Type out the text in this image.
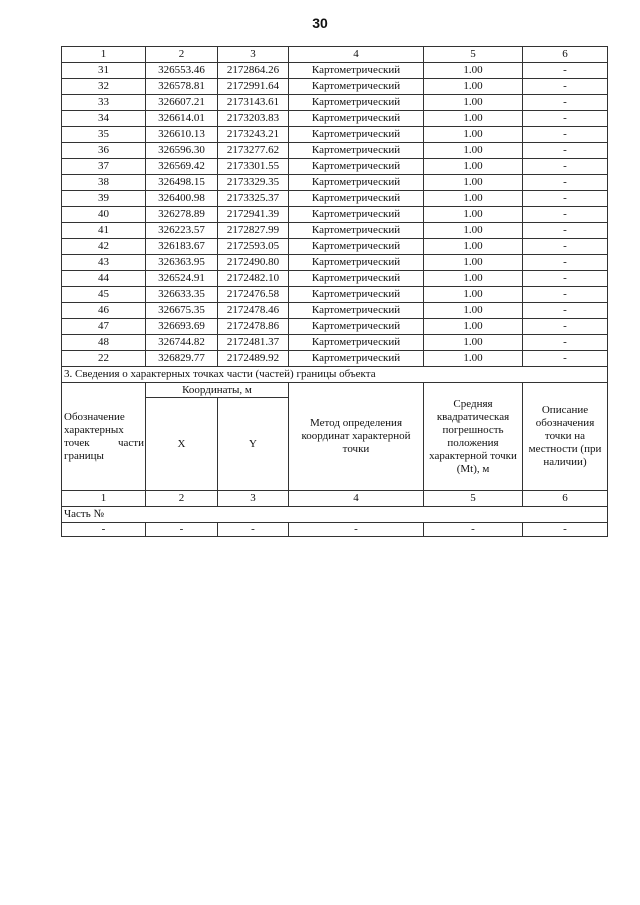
30
1	2	3	4	5	6
31	326553.46	2172864.26	Картометрический	1.00	-
32	326578.81	2172991.64	Картометрический	1.00	-
33	326607.21	2173143.61	Картометрический	1.00	-
34	326614.01	2173203.83	Картометрический	1.00	-
35	326610.13	2173243.21	Картометрический	1.00	-
36	326596.30	2173277.62	Картометрический	1.00	-
37	326569.42	2173301.55	Картометрический	1.00	-
38	326498.15	2173329.35	Картометрический	1.00	-
39	326400.98	2173325.37	Картометрический	1.00	-
40	326278.89	2172941.39	Картометрический	1.00	-
41	326223.57	2172827.99	Картометрический	1.00	-
42	326183.67	2172593.05	Картометрический	1.00	-
43	326363.95	2172490.80	Картометрический	1.00	-
44	326524.91	2172482.10	Картометрический	1.00	-
45	326633.35	2172476.58	Картометрический	1.00	-
46	326675.35	2172478.46	Картометрический	1.00	-
47	326693.69	2172478.86	Картометрический	1.00	-
48	326744.82	2172481.37	Картометрический	1.00	-
22	326829.77	2172489.92	Картометрический	1.00	-
3. Сведения о характерных точках части (частей) границы объекта					
Обозначение характерных точек части границы	Координаты, м		Метод определения координат характерной точки	Средняя квадратическая погрешность положения характерной точки (Mt), м	Описание обозначения точки на местности (при наличии)
	X	Y			
1	2	3	4	5	6
Часть №					
-	-	-	-	-	-
